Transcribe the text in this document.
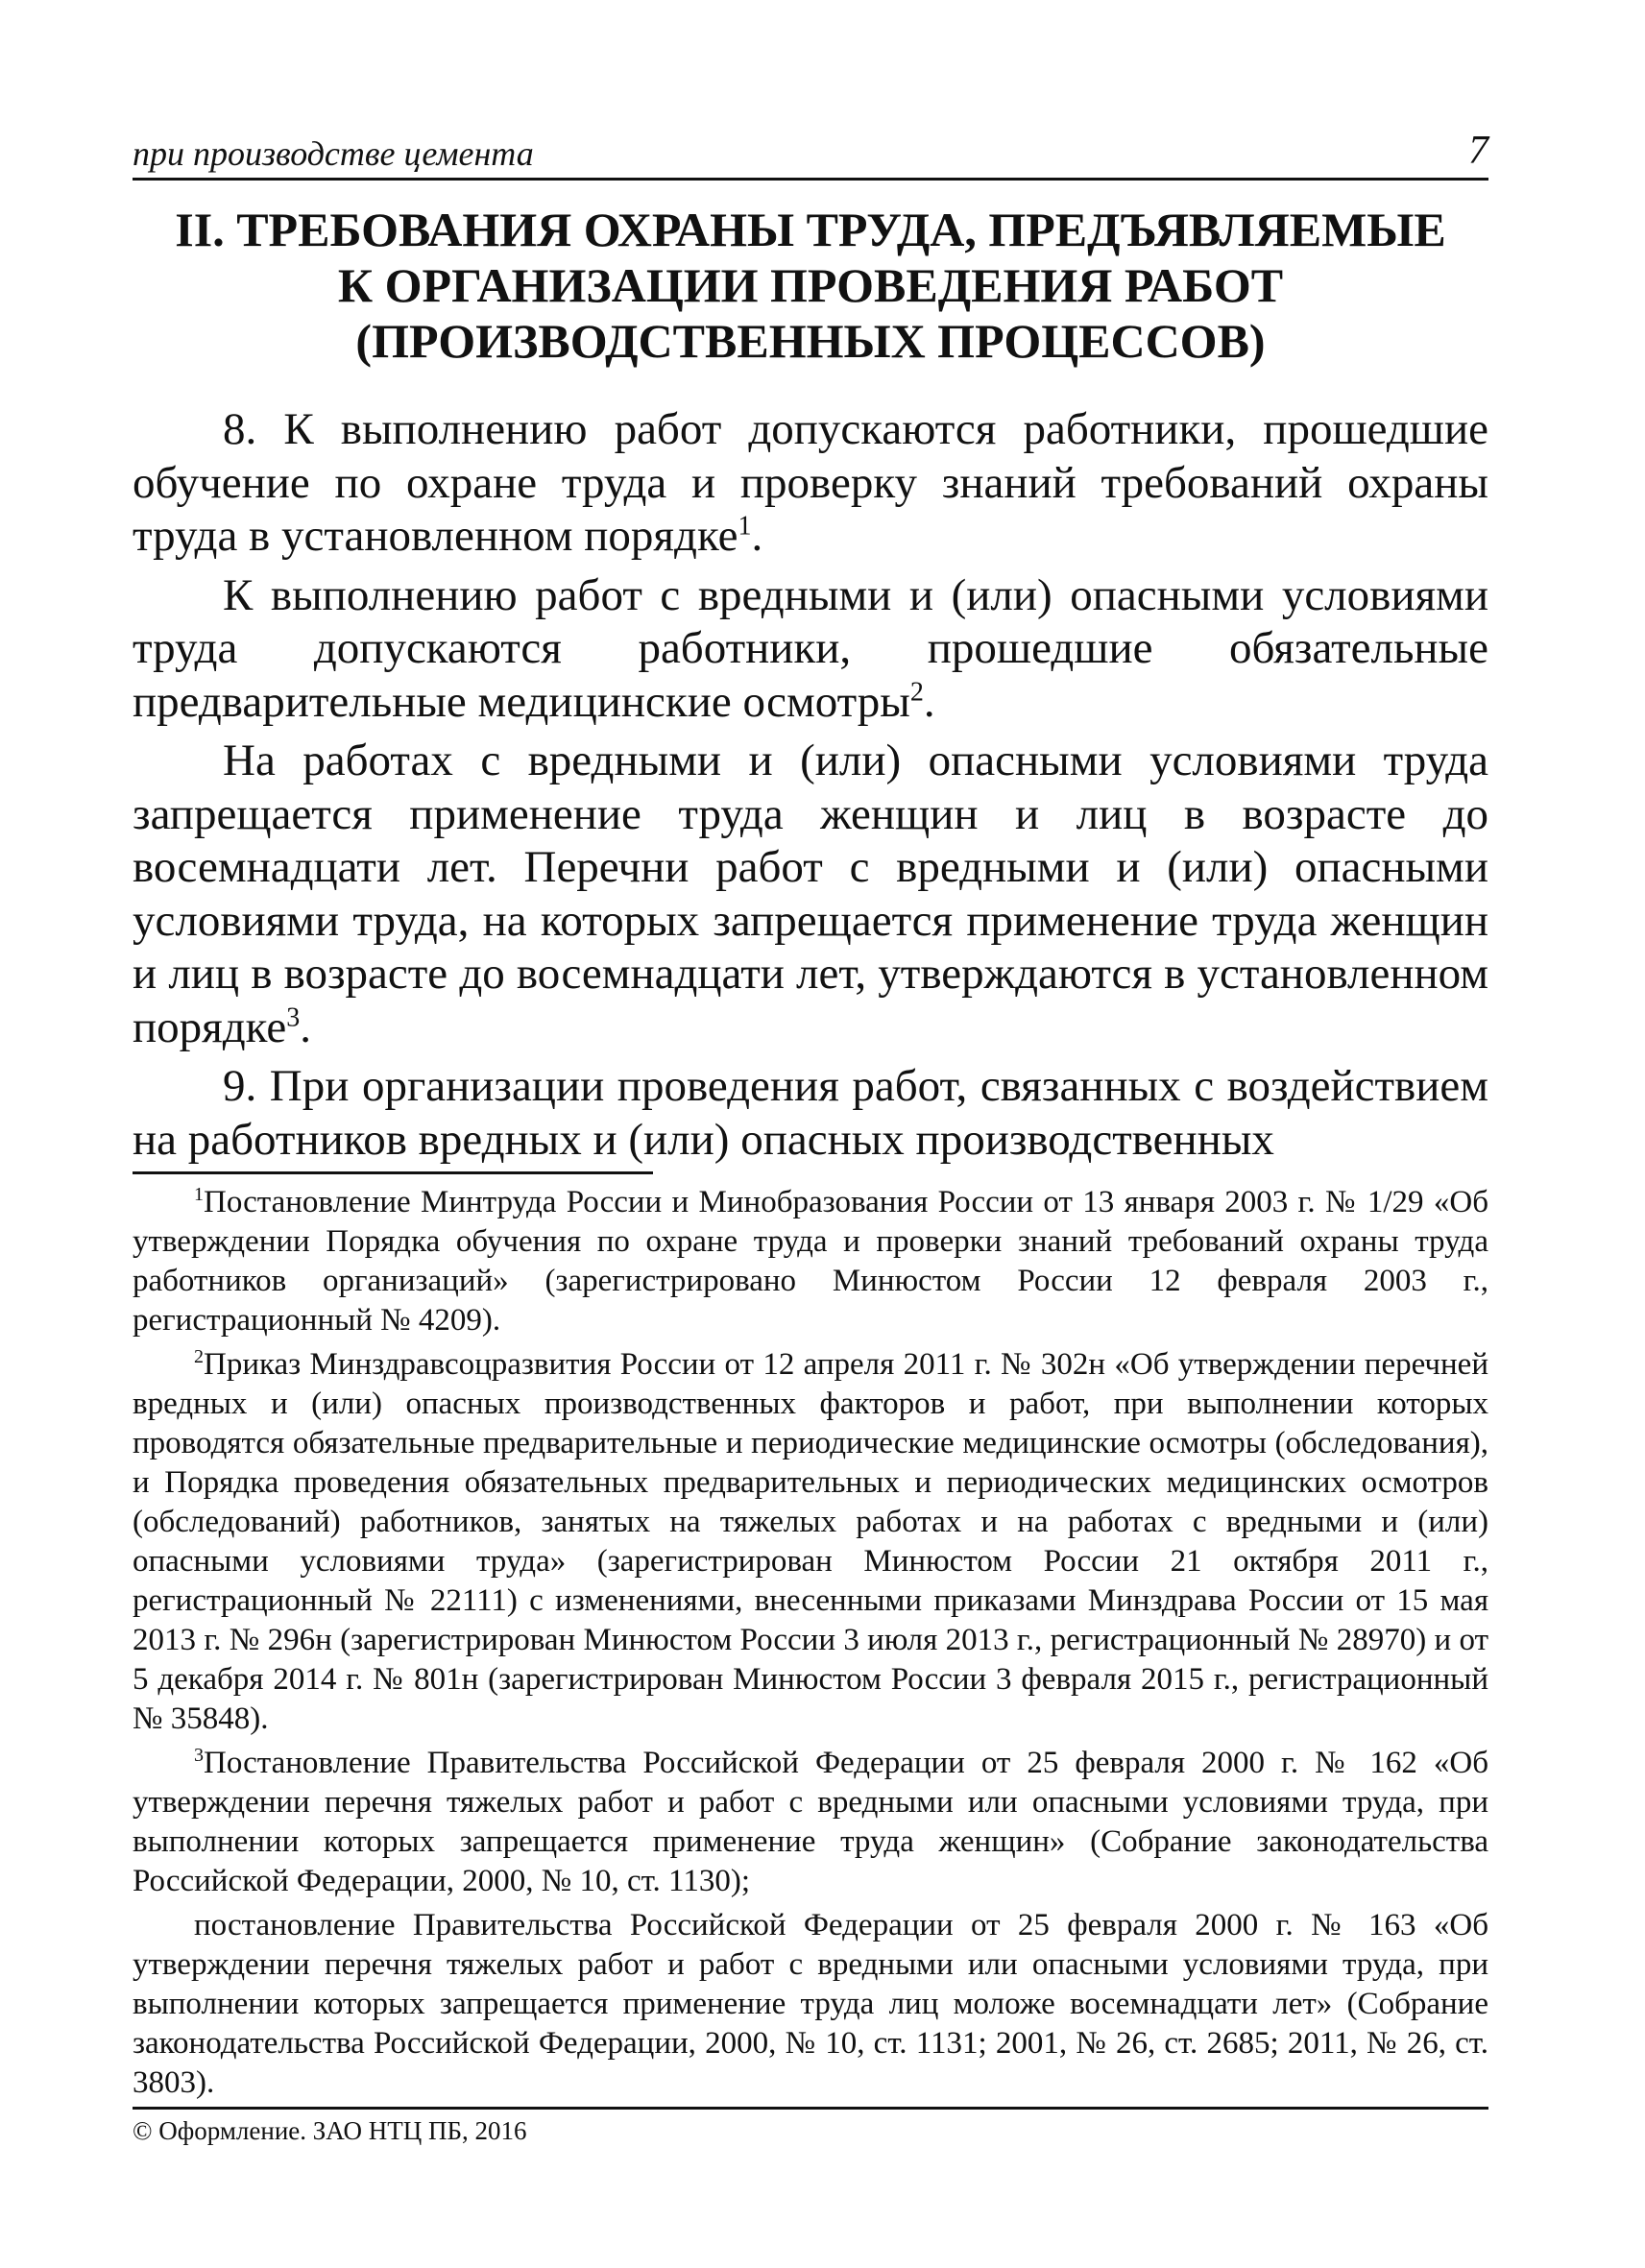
при производстве цемента	7
II. ТРЕБОВАНИЯ ОХРАНЫ ТРУДА, ПРЕДЪЯВЛЯЕМЫЕ
К ОРГАНИЗАЦИИ ПРОВЕДЕНИЯ РАБОТ
(ПРОИЗВОДСТВЕННЫХ ПРОЦЕССОВ)

8. К выполнению работ допускаются работники, прошедшие обучение по охране труда и проверку знаний требований охраны труда в установленном порядке$^1$.

К выполнению работ с вредными и (или) опасными условиями труда допускаются работники, прошедшие обязательные предварительные медицинские осмотры$^2$.

На работах с вредными и (или) опасными условиями труда запрещается применение труда женщин и лиц в возрасте до восемнадцати лет. Перечни работ с вредными и (или) опасными условиями труда, на которых запрещается применение труда женщин и лиц в возрасте до восемнадцати лет, утверждаются в установленном порядке$^3$.

9. При организации проведения работ, связанных с воздействием на работников вредных и (или) опасных производственных

$^1$Постановление Минтруда России и Минобразования России от 13 января 2003 г. № 1/29 «Об утверждении Порядка обучения по охране труда и проверки знаний требований охраны труда работников организаций» (зарегистрировано Минюстом России 12 февраля 2003 г., регистрационный № 4209).

$^2$Приказ Минздравсоцразвития России от 12 апреля 2011 г. № 302н «Об утверждении перечней вредных и (или) опасных производственных факторов и работ, при выполнении которых проводятся обязательные предварительные и периодические медицинские осмотры (обследования), и Порядка проведения обязательных предварительных и периодических медицинских осмотров (обследований) работников, занятых на тяжелых работах и на работах с вредными и (или) опасными условиями труда» (зарегистрирован Минюстом России 21 октября 2011 г., регистрационный № 22111) с изменениями, внесенными приказами Минздрава России от 15 мая 2013 г. № 296н (зарегистрирован Минюстом России 3 июля 2013 г., регистрационный № 28970) и от 5 декабря 2014 г. № 801н (зарегистрирован Минюстом России 3 февраля 2015 г., регистрационный № 35848).

$^3$Постановление Правительства Российской Федерации от 25 февраля 2000 г. № 162 «Об утверждении перечня тяжелых работ и работ с вредными или опасными условиями труда, при выполнении которых запрещается применение труда женщин» (Собрание законодательства Российской Федерации, 2000, № 10, ст. 1130);

постановление Правительства Российской Федерации от 25 февраля 2000 г. № 163 «Об утверждении перечня тяжелых работ и работ с вредными или опасными условиями труда, при выполнении которых запрещается применение труда лиц моложе восемнадцати лет» (Собрание законодательства Российской Федерации, 2000, № 10, ст. 1131; 2001, № 26, ст. 2685; 2011, № 26, ст. 3803).

© Оформление. ЗАО НТЦ ПБ, 2016
